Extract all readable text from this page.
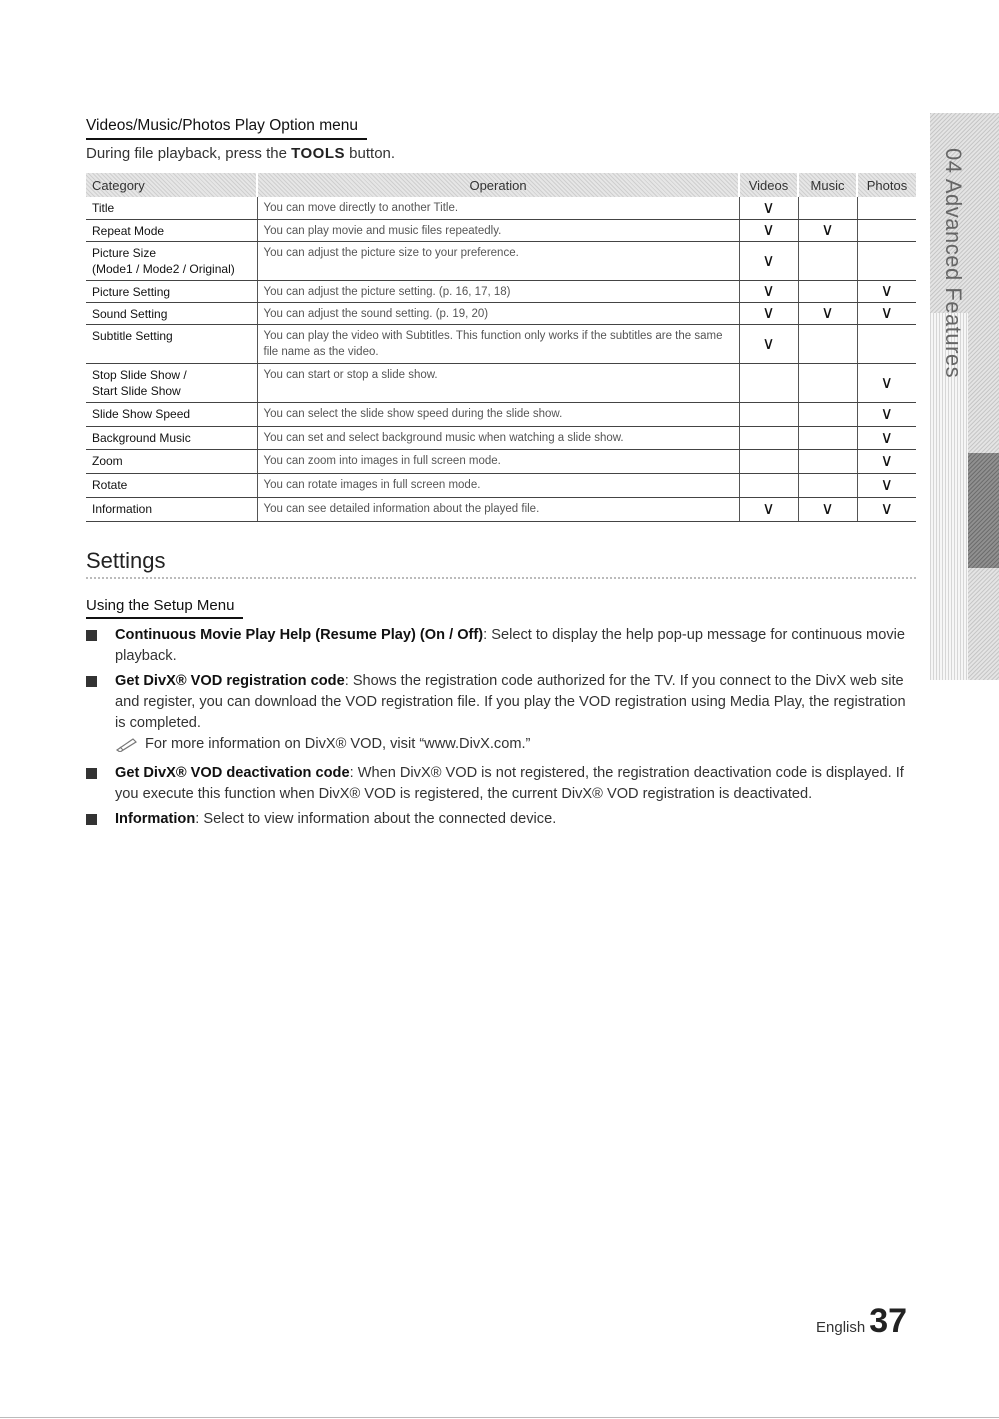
Videos/Music/Photos Play Option menu
During file playback, press the TOOLS button.
Category	Operation	Videos	Music	Photos
Title	You can move directly to another Title.	∨		
Repeat Mode	You can play movie and music files repeatedly.	∨	∨	
Picture Size
(Mode1 / Mode2 / Original)	You can adjust the picture size to your preference.	∨		
Picture Setting	You can adjust the picture setting. (p. 16, 17, 18)	∨		∨
Sound Setting	You can adjust the sound setting. (p. 19, 20)	∨	∨	∨
Subtitle Setting	You can play the video with Subtitles. This function only works if the subtitles are the same file name as the video.	∨		
Stop Slide Show /
Start Slide Show	You can start or stop a slide show.			∨
Slide Show Speed	You can select the slide show speed during the slide show.			∨
Background Music	You can set and select background music when watching a slide show.			∨
Zoom	You can zoom into images in full screen mode.			∨
Rotate	You can rotate images in full screen mode.			∨
Information	You can see detailed information about the played file.	∨	∨	∨
Settings
Using the Setup Menu
Continuous Movie Play Help (Resume Play) (On / Off): Select to display the help pop-up message for continuous movie playback.
Get DivX® VOD registration code: Shows the registration code authorized for the TV. If you connect to the DivX web site and register, you can download the VOD registration file. If you play the VOD registration using Media Play, the registration is completed.
For more information on DivX® VOD, visit “www.DivX.com.”
Get DivX® VOD deactivation code: When DivX® VOD is not registered, the registration deactivation code is displayed. If you execute this function when DivX® VOD is registered, the current DivX® VOD registration is deactivated.
Information: Select to view information about the connected device.
04 Advanced Features
English 37
